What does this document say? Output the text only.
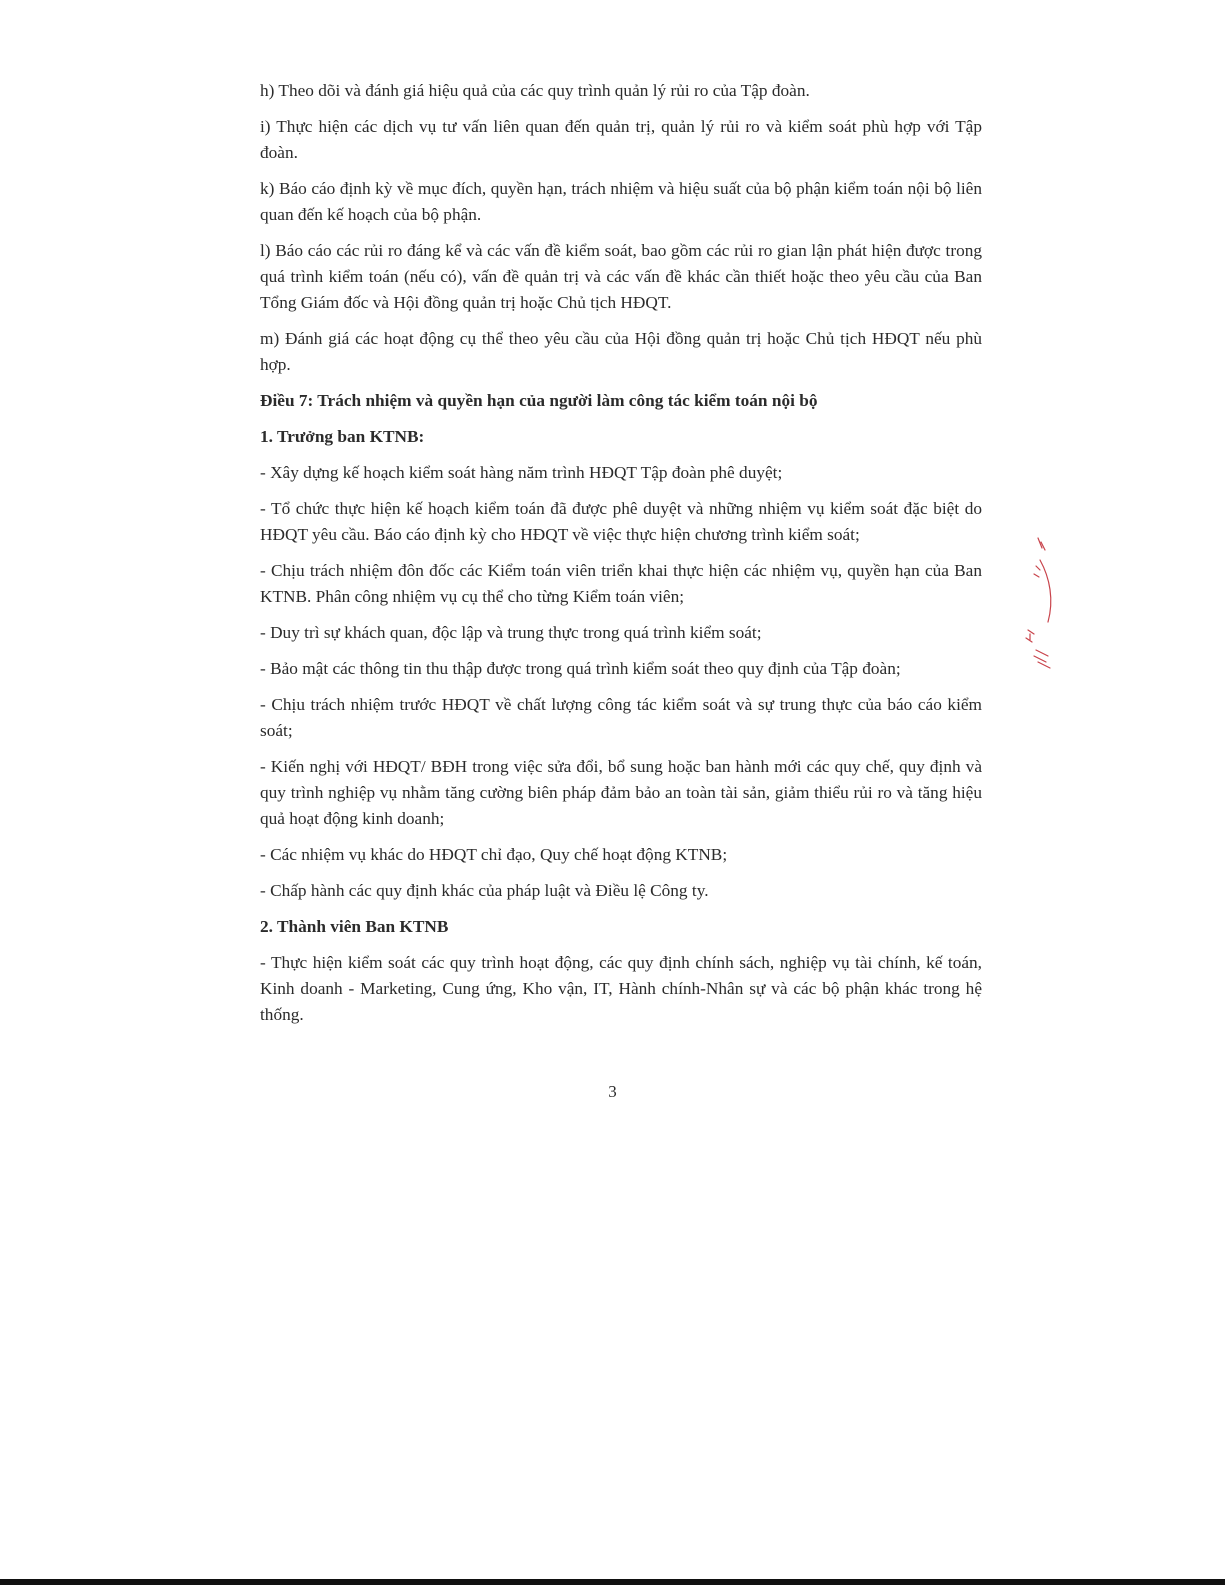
h) Theo dõi và đánh giá hiệu quả của các quy trình quản lý rủi ro của Tập đoàn.

i) Thực hiện các dịch vụ tư vấn liên quan đến quản trị, quản lý rủi ro và kiểm soát phù hợp với Tập đoàn.

k) Báo cáo định kỳ về mục đích, quyền hạn, trách nhiệm và hiệu suất của bộ phận kiểm toán nội bộ liên quan đến kế hoạch của bộ phận.

l) Báo cáo các rủi ro đáng kể và các vấn đề kiểm soát, bao gồm các rủi ro gian lận phát hiện được trong quá trình kiểm toán (nếu có), vấn đề quản trị và các vấn đề khác cần thiết hoặc theo yêu cầu của Ban Tổng Giám đốc và Hội đồng quản trị hoặc Chủ tịch HĐQT.

m) Đánh giá các hoạt động cụ thể theo yêu cầu của Hội đồng quản trị hoặc Chủ tịch HĐQT nếu phù hợp.

Điều 7: Trách nhiệm và quyền hạn của người làm công tác kiểm toán nội bộ

1. Trưởng ban KTNB:

- Xây dựng kế hoạch kiểm soát hàng năm trình HĐQT Tập đoàn phê duyệt;

- Tổ chức thực hiện kế hoạch kiểm toán đã được phê duyệt và những nhiệm vụ kiểm soát đặc biệt do HĐQT yêu cầu. Báo cáo định kỳ cho HĐQT về việc thực hiện chương trình kiểm soát;

- Chịu trách nhiệm đôn đốc các Kiểm toán viên triển khai thực hiện các nhiệm vụ, quyền hạn của Ban KTNB. Phân công nhiệm vụ cụ thể cho từng Kiểm toán viên;

- Duy trì sự khách quan, độc lập và trung thực trong quá trình kiểm soát;

- Bảo mật các thông tin thu thập được trong quá trình kiểm soát theo quy định của Tập đoàn;

- Chịu trách nhiệm trước HĐQT về chất lượng công tác kiểm soát và sự trung thực của báo cáo kiểm soát;

- Kiến nghị với HĐQT/ BĐH trong việc sửa đổi, bổ sung hoặc ban hành mới các quy chế, quy định và quy trình nghiệp vụ nhằm tăng cường biên pháp đảm bảo an toàn tài sản, giảm thiểu rủi ro và tăng hiệu quả hoạt động kinh doanh;

- Các nhiệm vụ khác do HĐQT chỉ đạo, Quy chế hoạt động KTNB;

- Chấp hành các quy định khác của pháp luật và Điều lệ Công ty.

2. Thành viên Ban KTNB

- Thực hiện kiểm soát các quy trình hoạt động, các quy định chính sách, nghiệp vụ tài chính, kế toán, Kinh doanh - Marketing, Cung ứng, Kho vận, IT, Hành chính-Nhân sự và các bộ phận khác trong hệ thống.

3
